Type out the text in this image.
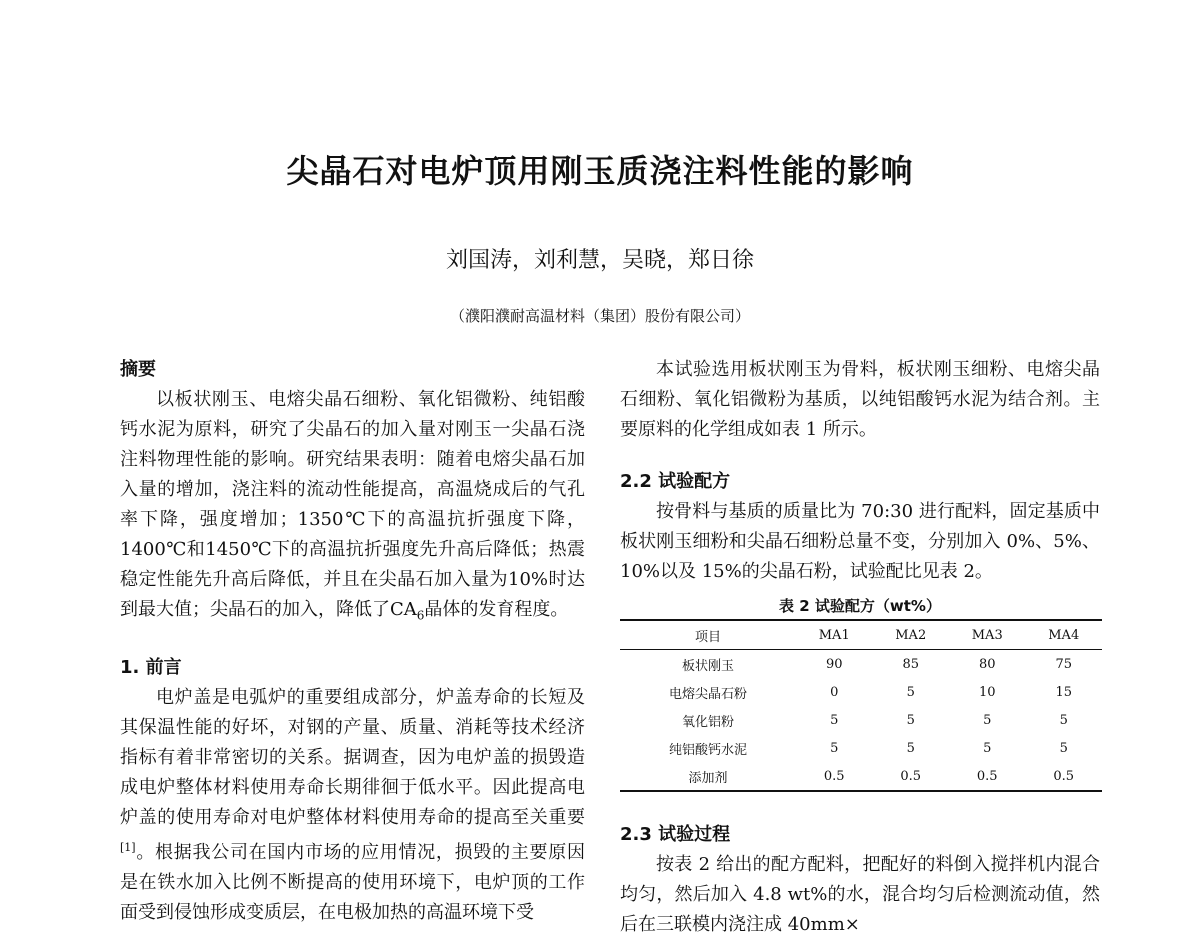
尖晶石对电炉顶用刚玉质浇注料性能的影响
刘国涛，刘利慧，吴晓，郑日徐
（濮阳濮耐高温材料（集团）股份有限公司）

摘要

以板状刚玉、电熔尖晶石细粉、氧化铝微粉、纯铝酸钙水泥为原料，研究了尖晶石的加入量对刚玉一尖晶石浇注料物理性能的影响。研究结果表明：随着电熔尖晶石加入量的增加，浇注料的流动性能提高，高温烧成后的气孔率下降，强度增加；1350℃下的高温抗折强度下降，1400℃和1450℃下的高温抗折强度先升高后降低；热震稳定性能先升高后降低，并且在尖晶石加入量为10%时达到最大值；尖晶石的加入，降低了$CA_6$晶体的发育程度。

1. 前言

电炉盖是电弧炉的重要组成部分，炉盖寿命的长短及其保温性能的好坏，对钢的产量、质量、消耗等技术经济指标有着非常密切的关系。据调查，因为电炉盖的损毁造成电炉整体材料使用寿命长期徘徊于低水平。因此提高电炉盖的使用寿命对电炉整体材料使用寿命的提高至关重要[1]。根据我公司在国内市场的应用情况，损毁的主要原因是在铁水加入比例不断提高的使用环境下，电炉顶的工作面受到侵蚀形成变质层，在电极加热的高温环境下受

本试验选用板状刚玉为骨料，板状刚玉细粉、电熔尖晶石细粉、氧化铝微粉为基质，以纯铝酸钙水泥为结合剂。主要原料的化学组成如表 1 所示。

2.2 试验配方

按骨料与基质的质量比为 70:30 进行配料，固定基质中板状刚玉细粉和尖晶石细粉总量不变，分别加入 0%、5%、10%以及 15%的尖晶石粉，试验配比见表 2。

表 2 试验配方（wt%）
项目	MA1	MA2	MA3	MA4
板状刚玉	90	85	80	75
电熔尖晶石粉	0	5	10	15
氧化铝粉	5	5	5	5
纯铝酸钙水泥	5	5	5	5
添加剂	0.5	0.5	0.5	0.5

2.3 试验过程

按表 2 给出的配方配料，把配好的料倒入搅拌机内混合均匀，然后加入 4.8 wt%的水，混合均匀后检测流动值，然后在三联模内浇注成 40mm×
